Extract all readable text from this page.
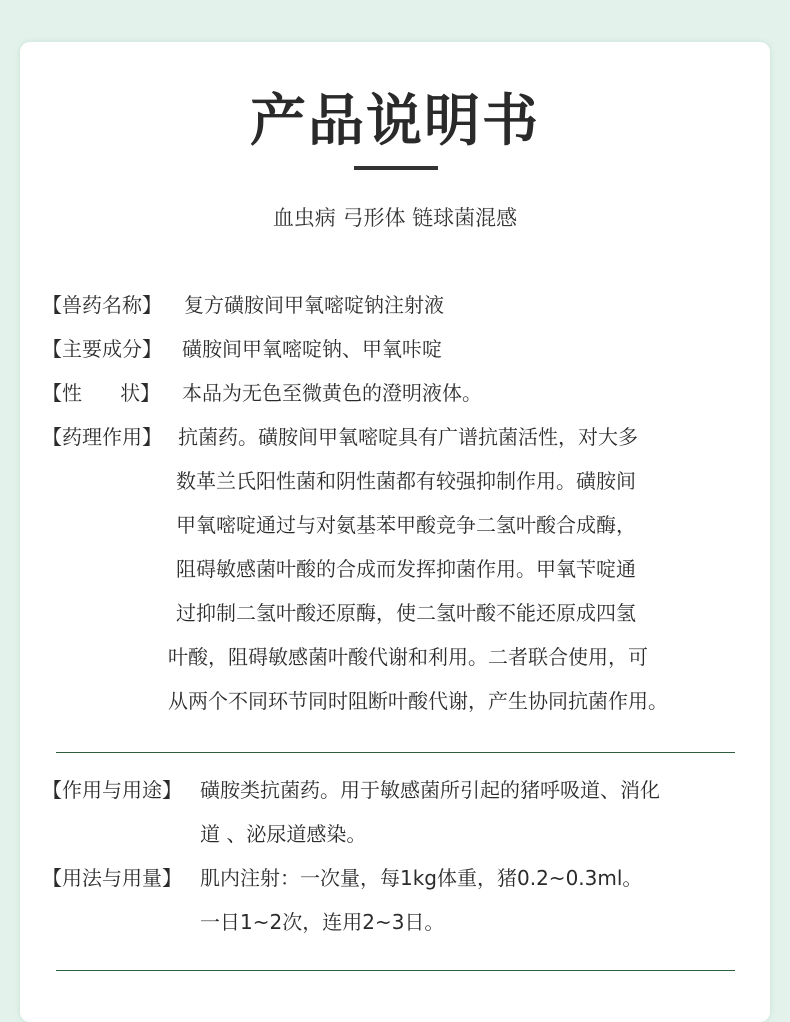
产品说明书
血虫病 弓形体 链球菌混感
【兽药名称】 复方磺胺间甲氧嘧啶钠注射液
【主要成分】 磺胺间甲氧嘧啶钠、甲氧咔啶
【性      状】 本品为无色至微黄色的澄明液体。
【药理作用】 抗菌药。磺胺间甲氧嘧啶具有广谱抗菌活性，对大多
数革兰氏阳性菌和阴性菌都有较强抑制作用。磺胺间
甲氧嘧啶通过与对氨基苯甲酸竞争二氢叶酸合成酶，
阻碍敏感菌叶酸的合成而发挥抑菌作用。甲氧苄啶通
过抑制二氢叶酸还原酶，使二氢叶酸不能还原成四氢
叶酸，阻碍敏感菌叶酸代谢和利用。二者联合使用，可
从两个不同环节同时阻断叶酸代谢，产生协同抗菌作用。
【作用与用途】 磺胺类抗菌药。用于敏感菌所引起的猪呼吸道、消化
道 、泌尿道感染。
【用法与用量】 肌内注射：一次量，每1kg体重，猪0.2~0.3ml。
一日1~2次，连用2~3日。
